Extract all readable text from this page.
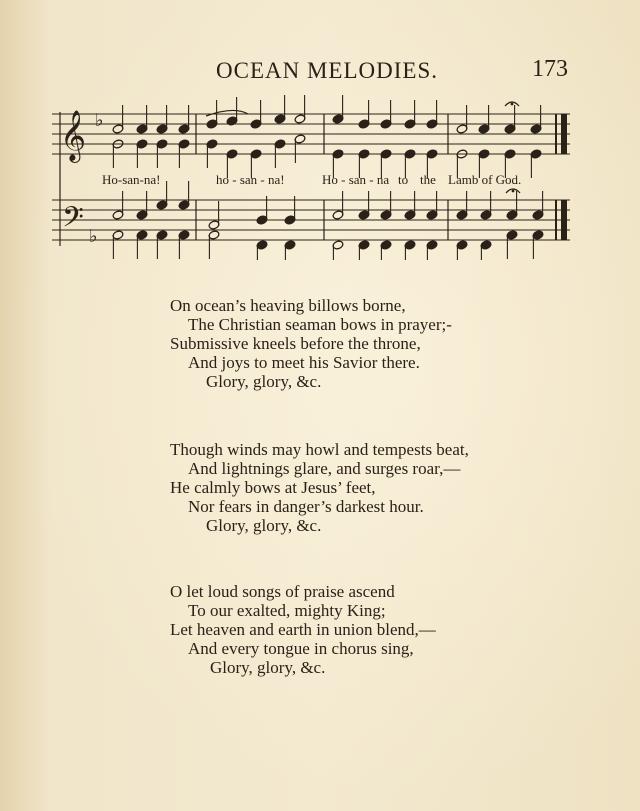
OCEAN MELODIES.	173
𝄞
𝄢
♭
♭
Ho-san-na!	ho - san - na!	Ho - san - na to the Lamb of God.
On ocean’s heaving billows borne,
The Christian seaman bows in prayer;-
Submissive kneels before the throne,
And joys to meet his Savior there.
Glory, glory, &c.
Though winds may howl and tempests beat,
And lightnings glare, and surges roar,—
He calmly bows at Jesus’ feet,
Nor fears in danger’s darkest hour.
Glory, glory, &c.
O let loud songs of praise ascend
To our exalted, mighty King;
Let heaven and earth in union blend,—
And every tongue in chorus sing,
Glory, glory, &c.
